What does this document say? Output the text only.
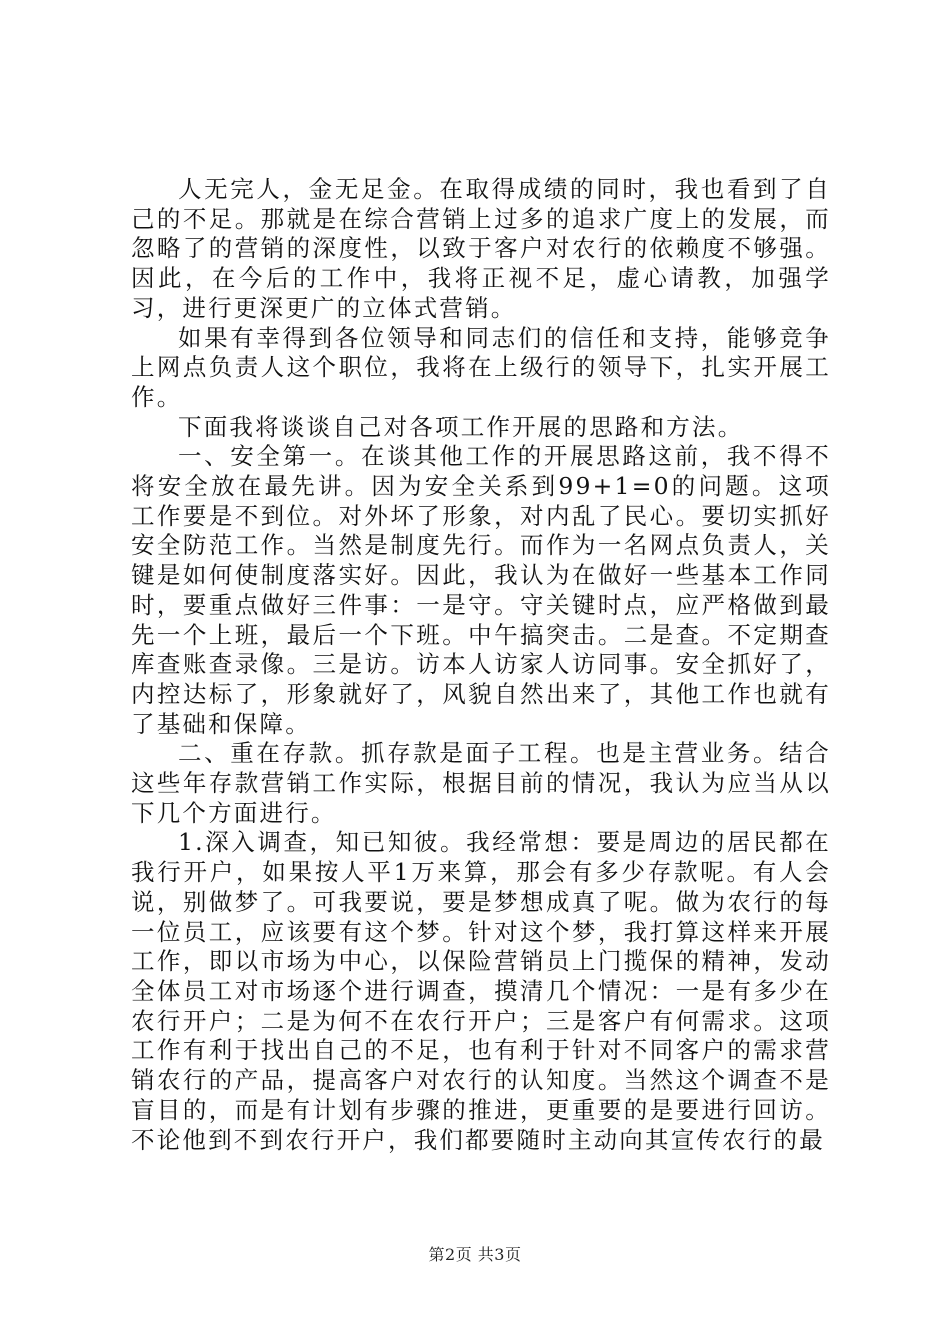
人无完人，金无足金。在取得成绩的同时，我也看到了自己的不足。那就是在综合营销上过多的追求广度上的发展，而忽略了的营销的深度性，以致于客户对农行的依赖度不够强。因此，在今后的工作中，我将正视不足，虚心请教，加强学习，进行更深更广的立体式营销。

如果有幸得到各位领导和同志们的信任和支持，能够竞争上网点负责人这个职位，我将在上级行的领导下，扎实开展工作。

下面我将谈谈自己对各项工作开展的思路和方法。

一、安全第一。在谈其他工作的开展思路这前，我不得不将安全放在最先讲。因为安全关系到99+1=0的问题。这项工作要是不到位。对外坏了形象，对内乱了民心。要切实抓好安全防范工作。当然是制度先行。而作为一名网点负责人，关键是如何使制度落实好。因此，我认为在做好一些基本工作同时，要重点做好三件事：一是守。守关键时点，应严格做到最先一个上班，最后一个下班。中午搞突击。二是查。不定期查库查账查录像。三是访。访本人访家人访同事。安全抓好了，内控达标了，形象就好了，风貌自然出来了，其他工作也就有了基础和保障。

二、重在存款。抓存款是面子工程。也是主营业务。结合这些年存款营销工作实际，根据目前的情况，我认为应当从以下几个方面进行。

1.深入调查，知已知彼。我经常想：要是周边的居民都在我行开户，如果按人平1万来算，那会有多少存款呢。有人会说，别做梦了。可我要说，要是梦想成真了呢。做为农行的每一位员工，应该要有这个梦。针对这个梦，我打算这样来开展工作，即以市场为中心，以保险营销员上门揽保的精神，发动全体员工对市场逐个进行调查，摸清几个情况：一是有多少在农行开户；二是为何不在农行开户；三是客户有何需求。这项工作有利于找出自己的不足，也有利于针对不同客户的需求营销农行的产品，提高客户对农行的认知度。当然这个调查不是盲目的，而是有计划有步骤的推进，更重要的是要进行回访。不论他到不到农行开户，我们都要随时主动向其宣传农行的最

第2页 共3页
